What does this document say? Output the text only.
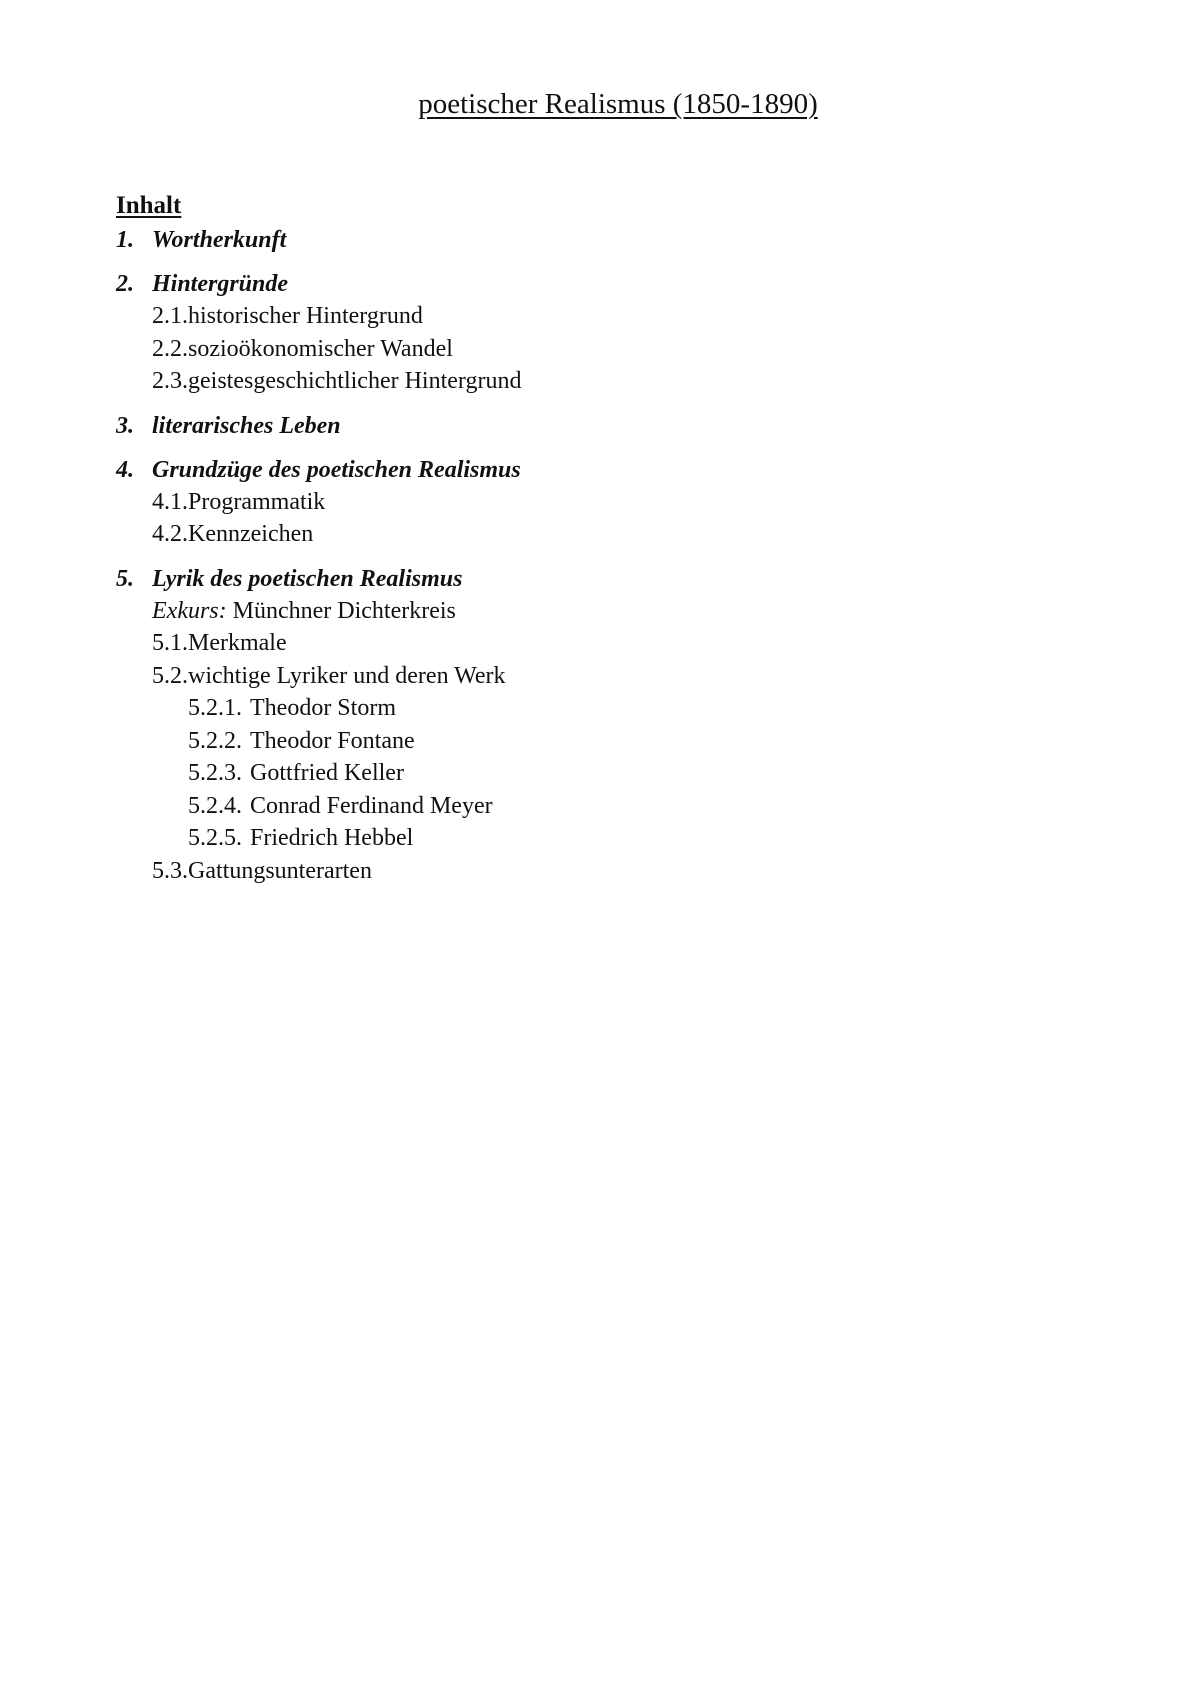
poetischer Realismus (1850-1890)
Inhalt
1. Wortherkunft
2. Hintergründe
2.1.historischer Hintergrund
2.2.sozioökonomischer Wandel
2.3.geistesgeschichtlicher Hintergrund
3. literarisches Leben
4. Grundzüge des poetischen Realismus
4.1.Programmatik
4.2.Kennzeichen
5. Lyrik des poetischen Realismus
Exkurs: Münchner Dichterkreis
5.1.Merkmale
5.2.wichtige Lyriker und deren Werk
5.2.1. Theodor Storm
5.2.2. Theodor Fontane
5.2.3. Gottfried Keller
5.2.4. Conrad Ferdinand Meyer
5.2.5. Friedrich Hebbel
5.3.Gattungsunterarten
